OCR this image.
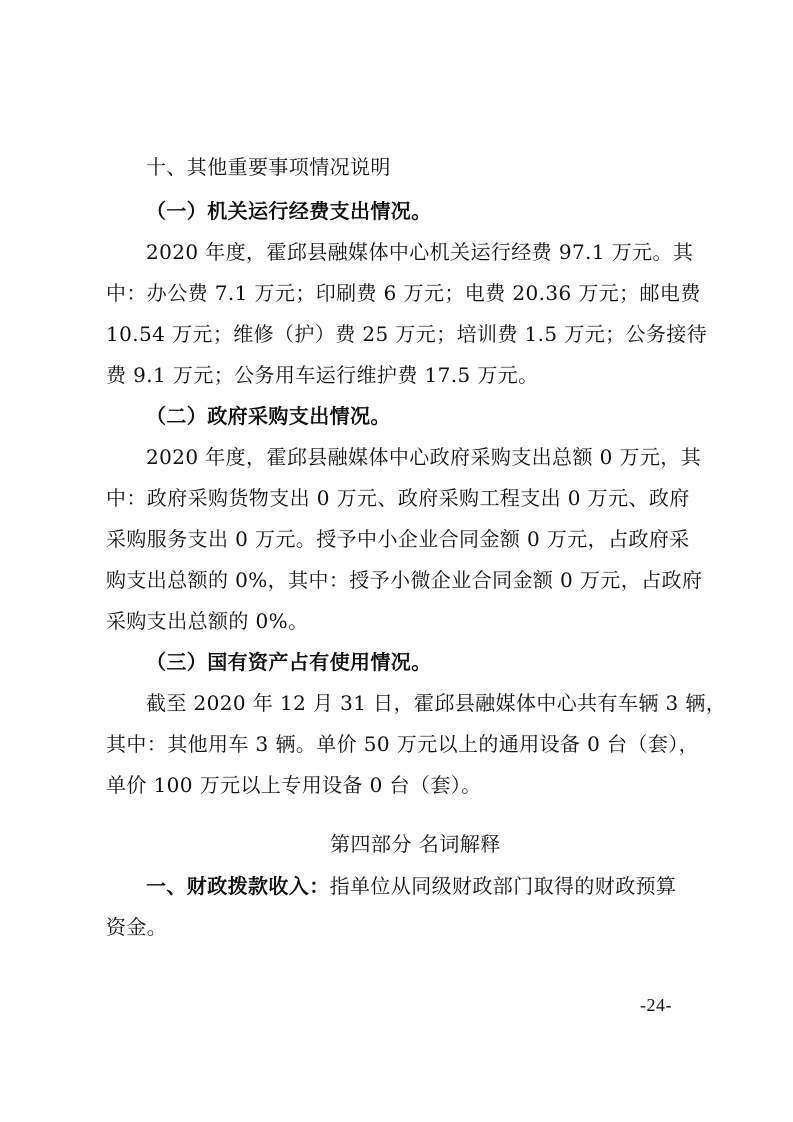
十、其他重要事项情况说明
（一）机关运行经费支出情况。
2020 年度，霍邱县融媒体中心机关运行经费 97.1 万元。其
中：办公费 7.1 万元；印刷费 6 万元；电费 20.36 万元；邮电费
10.54 万元；维修（护）费 25 万元；培训费 1.5 万元；公务接待
费 9.1 万元；公务用车运行维护费 17.5 万元。
（二）政府采购支出情况。
2020 年度，霍邱县融媒体中心政府采购支出总额 0 万元，其
中：政府采购货物支出 0 万元、政府采购工程支出 0 万元、政府
采购服务支出 0 万元。授予中小企业合同金额 0 万元，占政府采
购支出总额的 0%，其中：授予小微企业合同金额 0 万元，占政府
采购支出总额的 0%。
（三）国有资产占有使用情况。
截至 2020 年 12 月 31 日，霍邱县融媒体中心共有车辆 3 辆，
其中：其他用车 3 辆。单价 50 万元以上的通用设备 0 台（套），
单价 100 万元以上专用设备 0 台（套）。
第四部分 名词解释
一、财政拨款收入：指单位从同级财政部门取得的财政预算
资金。
-24-
